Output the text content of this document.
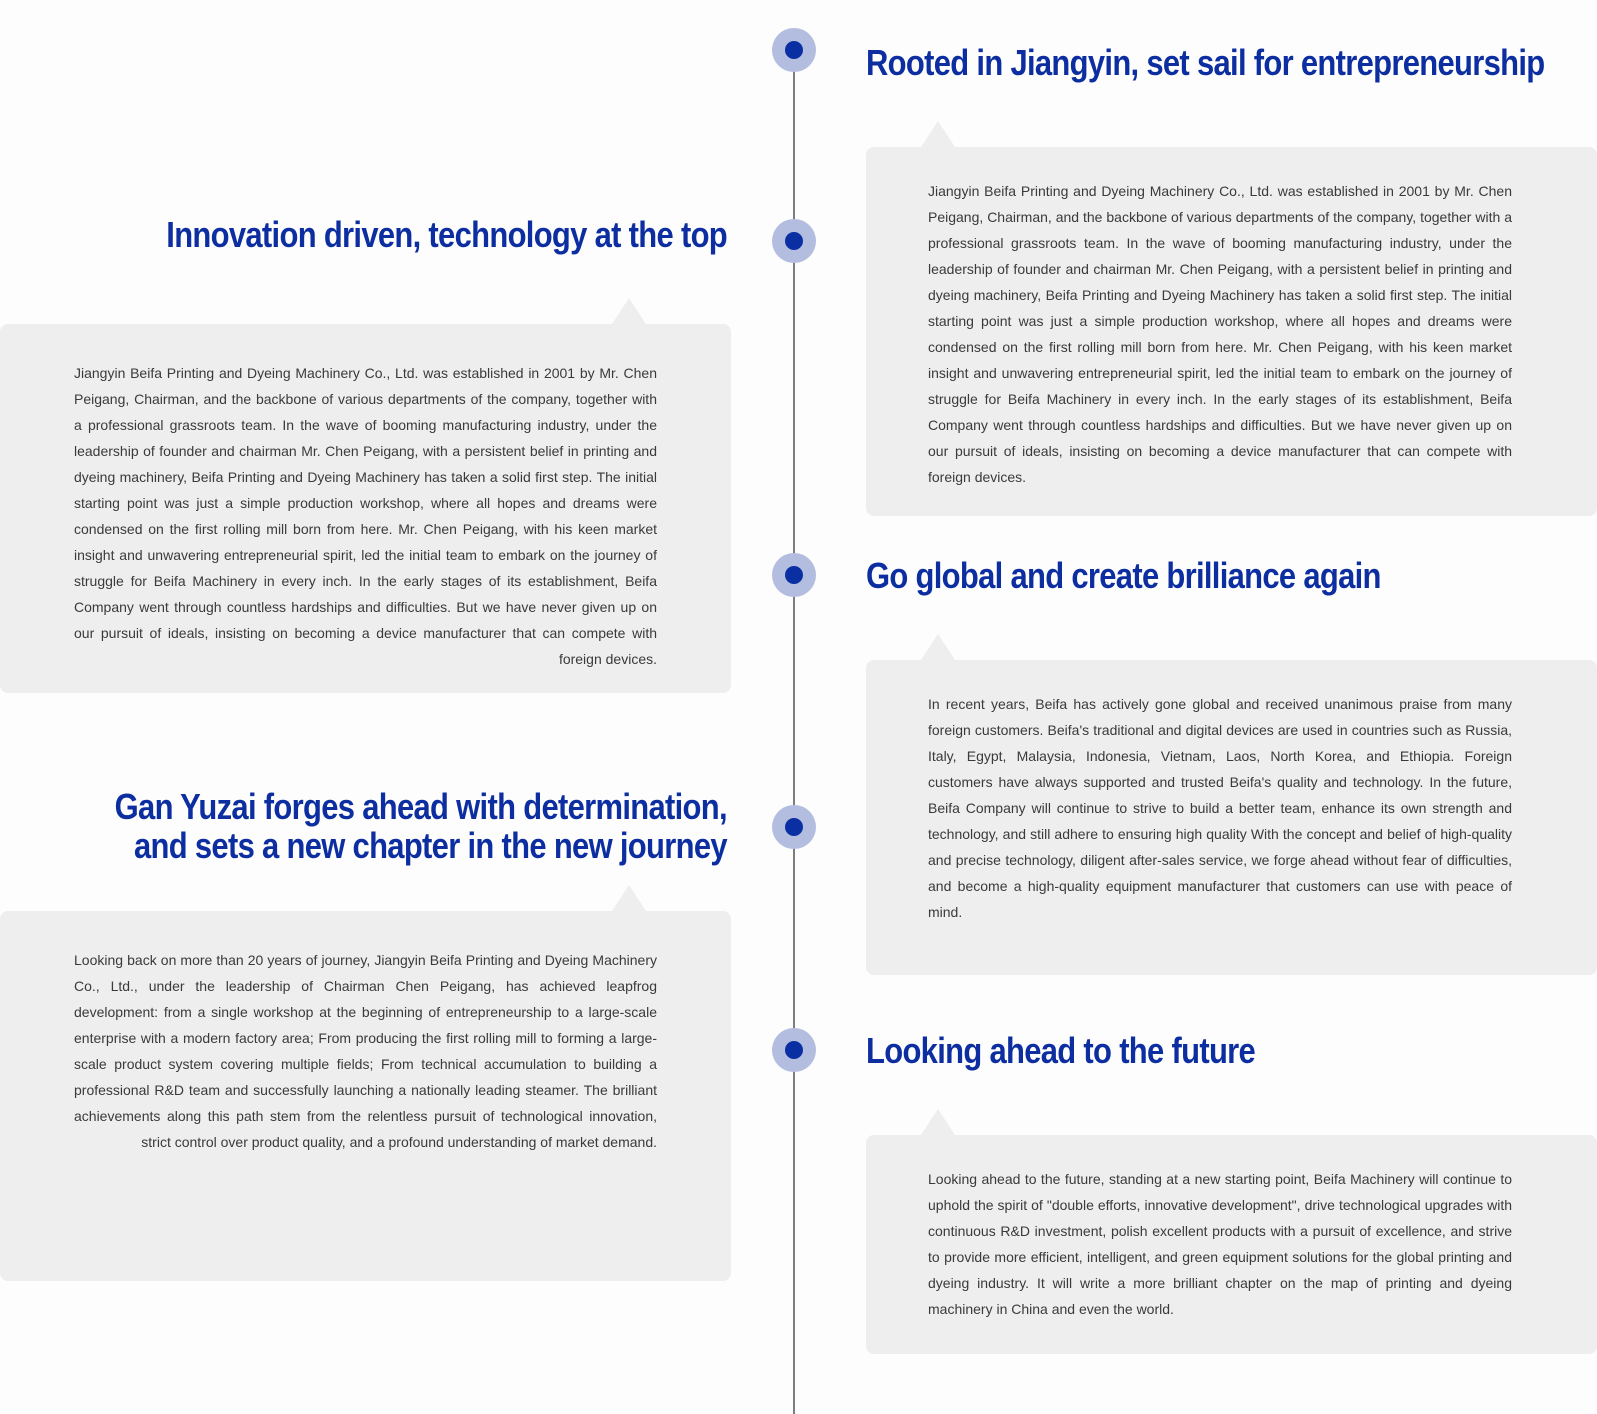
Rooted in Jiangyin, set sail for entrepreneurship

Jiangyin Beifa Printing and Dyeing Machinery Co., Ltd. was established in 2001 by Mr. Chen Peigang, Chairman, and the backbone of various departments of the company, together with a professional grassroots team. In the wave of booming manufacturing industry, under the leadership of founder and chairman Mr. Chen Peigang, with a persistent belief in printing and dyeing machinery, Beifa Printing and Dyeing Machinery has taken a solid first step. The initial starting point was just a simple production workshop, where all hopes and dreams were condensed on the first rolling mill born from here. Mr. Chen Peigang, with his keen market insight and unwavering entrepreneurial spirit, led the initial team to embark on the journey of struggle for Beifa Machinery in every inch. In the early stages of its establishment, Beifa Company went through countless hardships and difficulties. But we have never given up on our pursuit of ideals, insisting on becoming a device manufacturer that can compete with foreign devices.

Innovation driven, technology at the top

Jiangyin Beifa Printing and Dyeing Machinery Co., Ltd. was established in 2001 by Mr. Chen Peigang, Chairman, and the backbone of various departments of the company, together with a professional grassroots team. In the wave of booming manufacturing industry, under the leadership of founder and chairman Mr. Chen Peigang, with a persistent belief in printing and dyeing machinery, Beifa Printing and Dyeing Machinery has taken a solid first step. The initial starting point was just a simple production workshop, where all hopes and dreams were condensed on the first rolling mill born from here. Mr. Chen Peigang, with his keen market insight and unwavering entrepreneurial spirit, led the initial team to embark on the journey of struggle for Beifa Machinery in every inch. In the early stages of its establishment, Beifa Company went through countless hardships and difficulties. But we have never given up on our pursuit of ideals, insisting on becoming a device manufacturer that can compete with foreign devices.

Go global and create brilliance again

In recent years, Beifa has actively gone global and received unanimous praise from many foreign customers. Beifa's traditional and digital devices are used in countries such as Russia, Italy, Egypt, Malaysia, Indonesia, Vietnam, Laos, North Korea, and Ethiopia. Foreign customers have always supported and trusted Beifa's quality and technology. In the future, Beifa Company will continue to strive to build a better team, enhance its own strength and technology, and still adhere to ensuring high quality With the concept and belief of high-quality and precise technology, diligent after-sales service, we forge ahead without fear of difficulties, and become a high-quality equipment manufacturer that customers can use with peace of mind.

Gan Yuzai forges ahead with determination,
and sets a new chapter in the new journey

Looking back on more than 20 years of journey, Jiangyin Beifa Printing and Dyeing Machinery Co., Ltd., under the leadership of Chairman Chen Peigang, has achieved leapfrog development: from a single workshop at the beginning of entrepreneurship to a large-scale enterprise with a modern factory area; From producing the first rolling mill to forming a large-scale product system covering multiple fields; From technical accumulation to building a professional R&D team and successfully launching a nationally leading steamer. The brilliant achievements along this path stem from the relentless pursuit of technological innovation, strict control over product quality, and a profound understanding of market demand.

Looking ahead to the future

Looking ahead to the future, standing at a new starting point, Beifa Machinery will continue to uphold the spirit of "double efforts, innovative development", drive technological upgrades with continuous R&D investment, polish excellent products with a pursuit of excellence, and strive to provide more efficient, intelligent, and green equipment solutions for the global printing and dyeing industry. It will write a more brilliant chapter on the map of printing and dyeing machinery in China and even the world.
